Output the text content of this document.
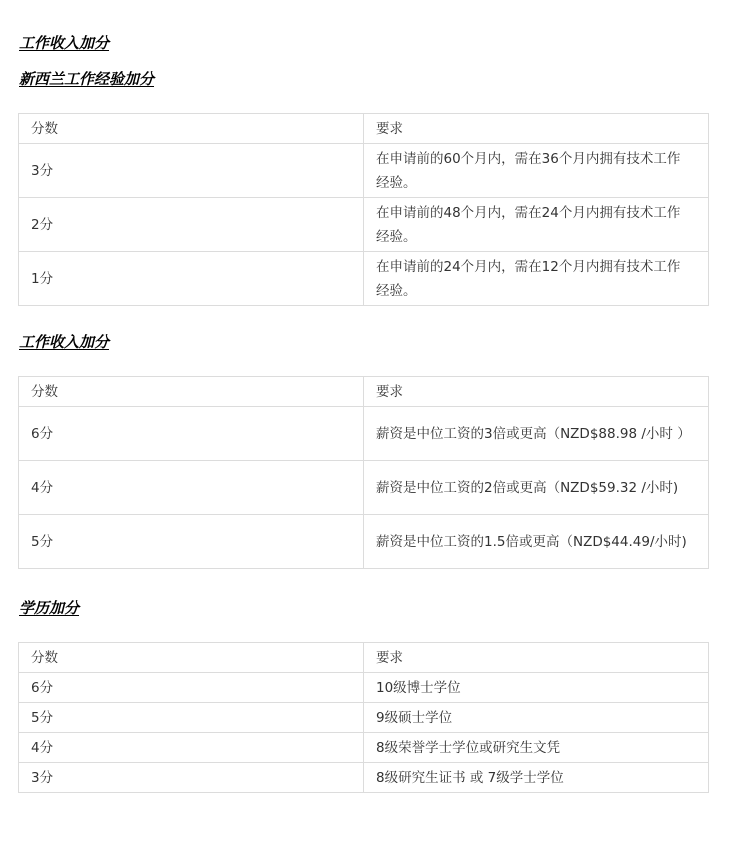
工作收入加分
新西兰工作经验加分
分数	要求
3分	在申请前的60个月内，需在36个月内拥有技术工作经验。
2分	在申请前的48个月内，需在24个月内拥有技术工作经验。
1分	在申请前的24个月内，需在12个月内拥有技术工作经验。
工作收入加分
分数	要求
6分	薪资是中位工资的3倍或更高（NZD$88.98 /小时 ）
4分	薪资是中位工资的2倍或更高（NZD$59.32 /小时)
5分	薪资是中位工资的1.5倍或更高（NZD$44.49/小时)
学历加分
分数	要求
6分	10级博士学位
5分	9级硕士学位
4分	8级荣誉学士学位或研究生文凭
3分	8级研究生证书 或 7级学士学位
